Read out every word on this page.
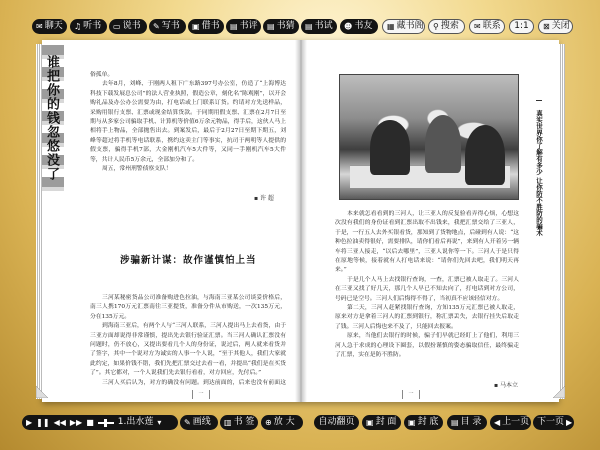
✉ 聊天 ♫ 听书 ▭ 说书 ✎ 写书 ▣ 借书 ▤ 书评 ▤ 书猜 ▤ 书试 ☻ 书友 ▦ 藏书阁 ⚲ 搜索 ✉ 联系 1:1 ⊠ 关闭
谁把你的钱忽悠没了	俗孤单。

去年8月，刘峰、于刚两人租下广东路397号办公室，仿造了“上海博达科技下载发展总公司”的法人营业执照，假造公章，刻化名“陈观刚”，以开会购礼品及办公办公需要为由，打电话或上门联系订货。约请对方先送样品，采购用银行支票、汇票或现金结算货款。于同期用假支票、汇票在2月7日至期与从多家公司骗取手机、计算机等价值6万余元物品，得手后，这伙人马上相将手上物品，全部抛售出去。到案发后，最后于2月27日至期下期五，刘峰等超过将手机等电话联系，携约这卖主门等事实，抗司于两明等人提供的假支票，骗得手机7部，大金刚机汽车5大件等，又同一手刚机汽车5大件等，共计人民币5万余元，全部加分和了。

周五，常州刑警侦察支队！

▪ 许 超
涉骗新计谋：故作谨慎怕上当

三河某秘密货品公司准备购进色拉油，与海南三亚某公司谈妥价格后，南三人携170万元汇票南往三亚提货，准备分件从市购送，一次135万元，分在135万元。

到海南三亚后，有两个人与“三河人联系，三河人提出马上去看货，由于三亚方面却说得非常谨慎，提出先去银行验证汇票。当三河人确认汇票没有问题时，仍不放心，又提出要看几个人的身份证，说过后，两人就来看货并了签字，其中一个说对方为诚实的人事一个人说，“至于其他人，我们大家就此约定，如果价钱不错，我们先把汇票交过去看一看，并提出“我们是在买货了”。其它都对，一个人说我们先去银行看看，对方回应，先付后。”

三河人买后认为，对方的确没有问题。到达前面的，后来也没有前面这

一
真实世界你了解有多少 让你防不胜防的骗术

本来就怎看看到的三河人，让三亚人的反复验看弄得心烦，心想这次没有我们的身份证看到汇票出取不出钱来，我把汇票交给了三亚人，于是，一行五人去外买银看货，那知到了货物地点，后碰到有人说：“这种色拉油卖得很好，需要排队，请你们看后再说”，来到有人开着另一辆车将三亚人接走，“以后去哪里”，三亚人说你等一下。三河人于是只得在原地等候，接着就有人打电话来说：“请你们先回去吧，我们明天再来。”

于是几个人马上去找银行查询，一查，汇票已被人取走了。三河人在三亚又找了好几天，那几个人早已不知去向了，打电话到对方公司，号码已是空号。三河人们后悔得不得了，当初真不应该轻信对方。

第二天，三河人赶紧找银行查询，方知135万元汇票已被人取走，原来对方是拿着三河人的汇票到银行，称汇票丢失，去银行挂失后取走了钱。三河人后悔也来不及了，只能回去报案。

原来，当他们去银行的时候，骗子们早就已经盯上了他们，利用三河人急于求成的心理设下圈套，以假扮谨慎的姿态骗取信任，最终骗走了汇票，实在是防不胜防。

▪ 马本立
一
▶ ❚❚ ◀◀ ▶▶ ■	1.出水莲 ▾	✎ 画线 ▥ 书 签 ⊕ 放 大	自动翻页 ▣ 封 面 ▣ 封 底 ▤ 目 录 ◀ 上一页 下一页 ▶
